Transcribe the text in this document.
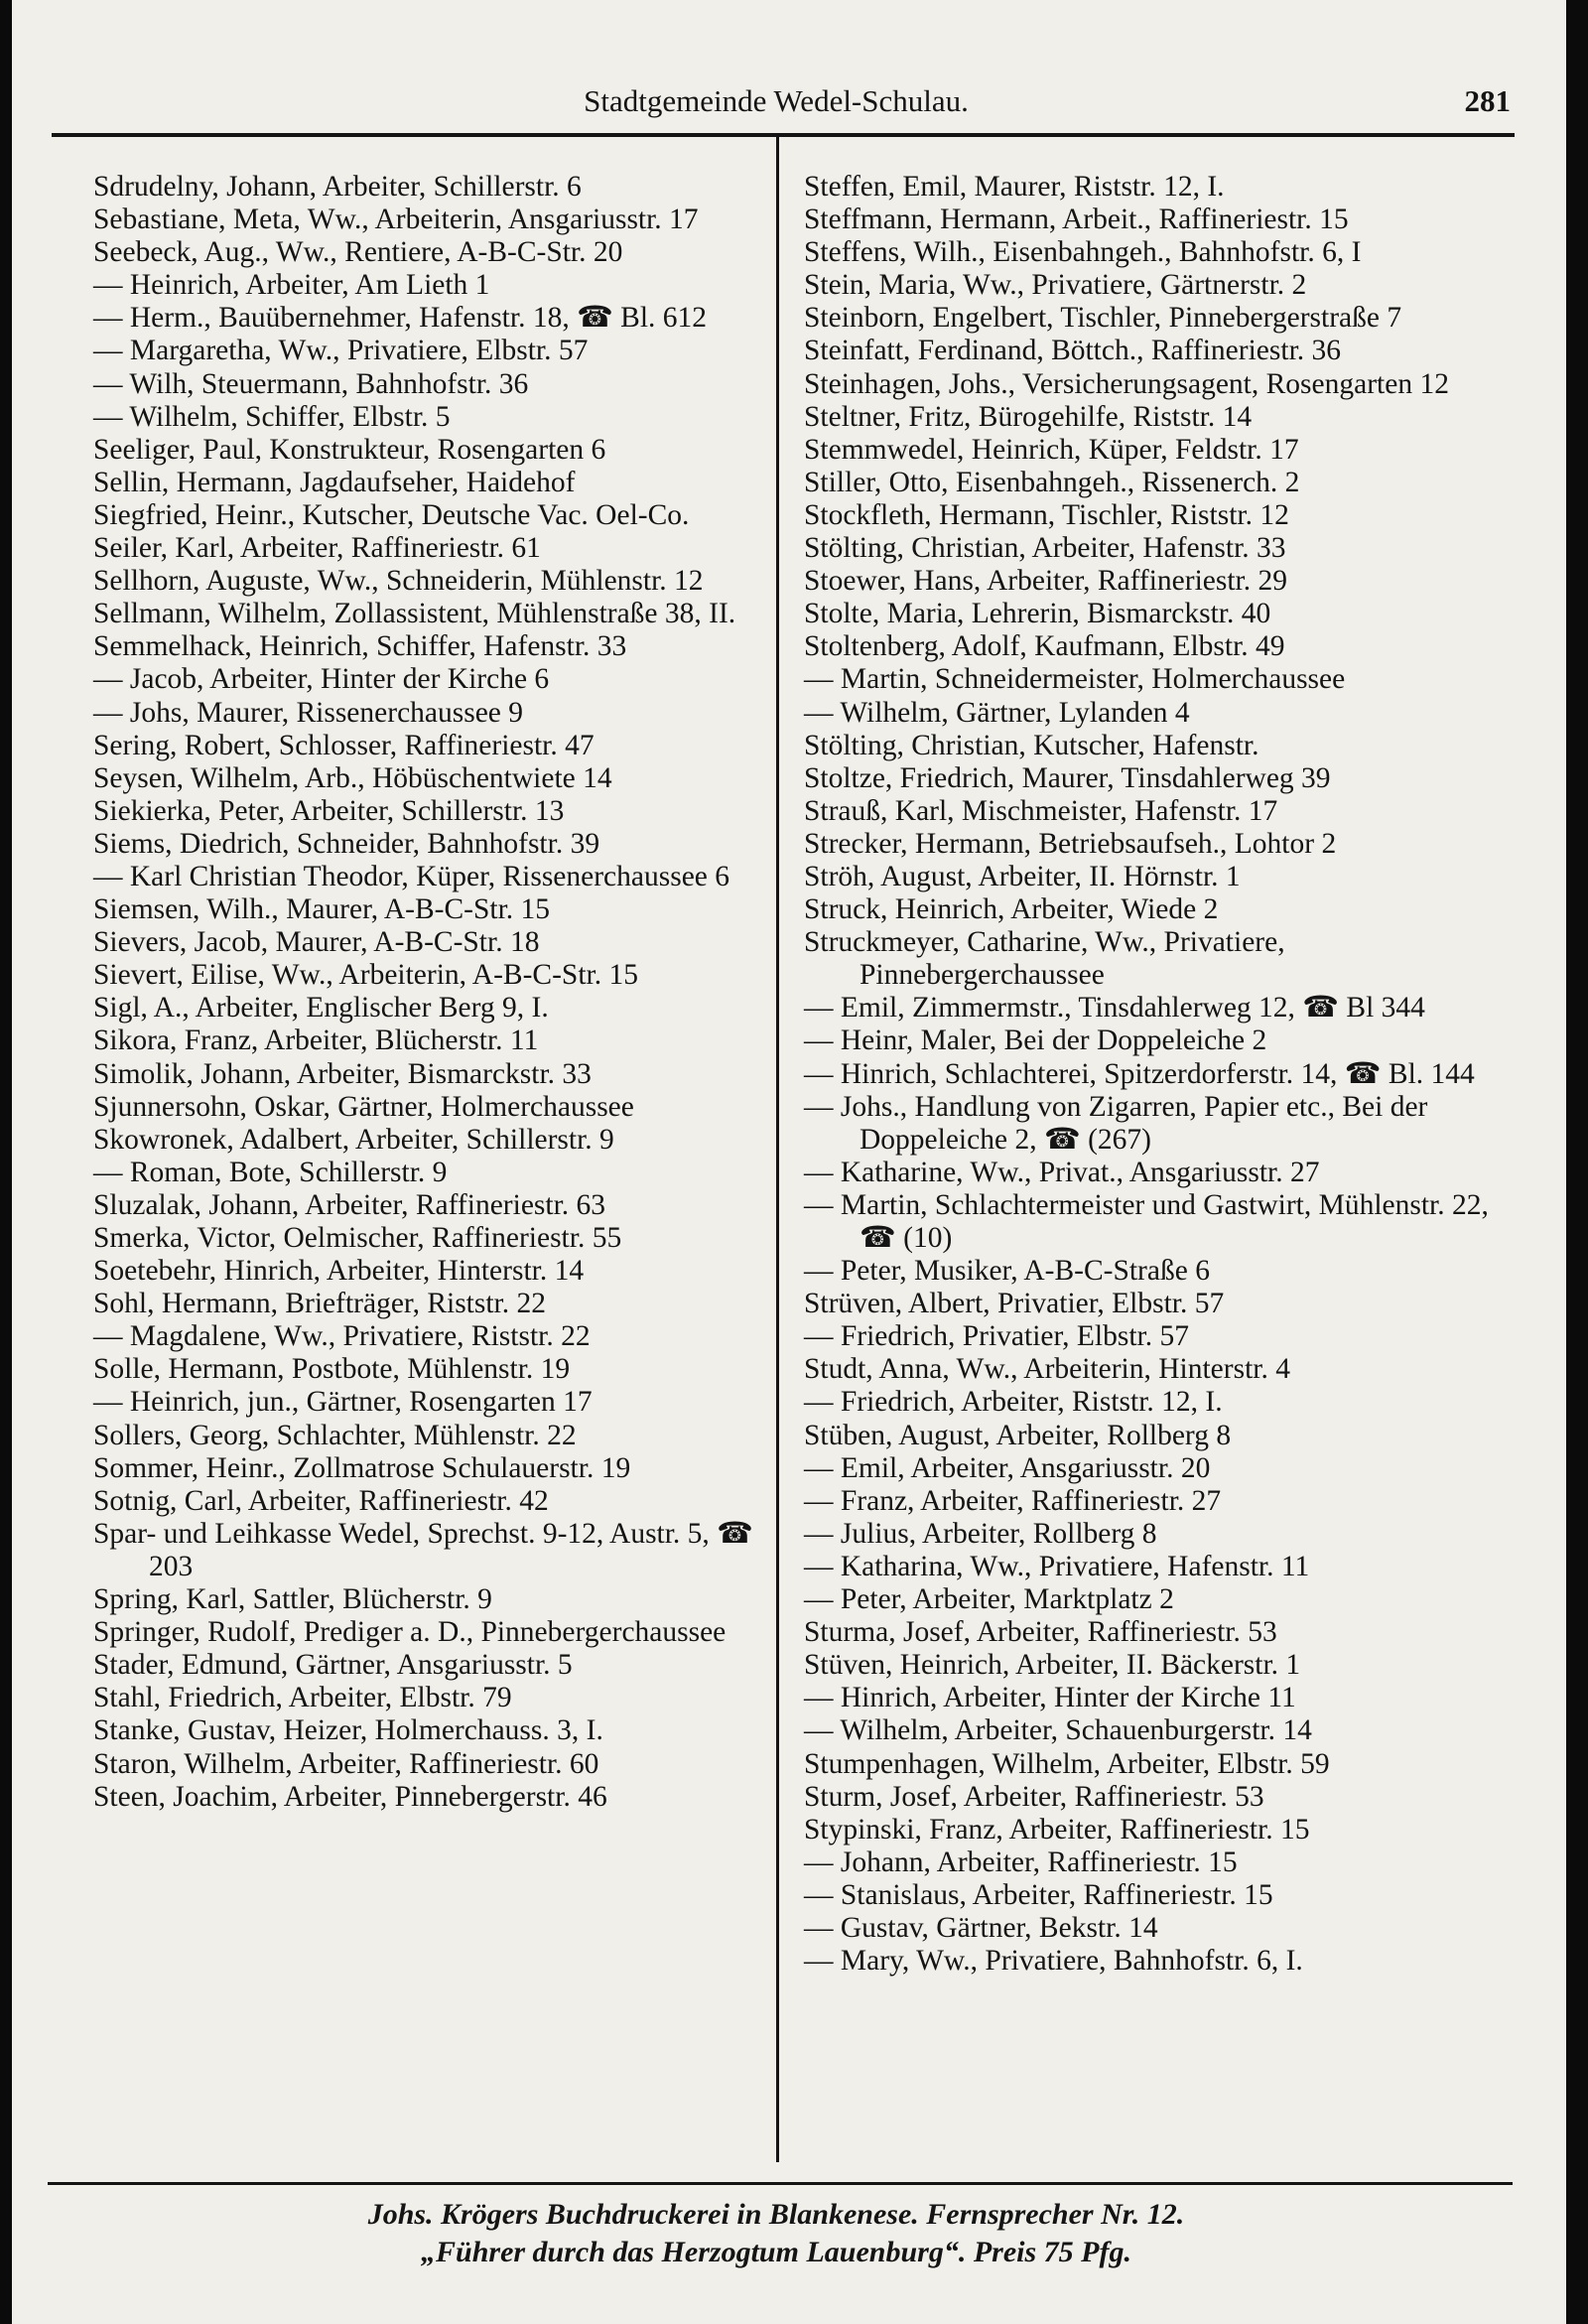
Stadtgemeinde Wedel-Schulau.	281
Sdrudelny, Johann, Arbeiter, Schillerstr. 6
Sebastiane, Meta, Ww., Arbeiterin, Ansgariusstr. 17
Seebeck, Aug., Ww., Rentiere, A-B-C-Str. 20
— Heinrich, Arbeiter, Am Lieth 1
— Herm., Bauübernehmer, Hafenstr. 18, ☎ Bl. 612
— Margaretha, Ww., Privatiere, Elbstr. 57
— Wilh, Steuermann, Bahnhofstr. 36
— Wilhelm, Schiffer, Elbstr. 5
Seeliger, Paul, Konstrukteur, Rosengarten 6
Sellin, Hermann, Jagdaufseher, Haidehof
Siegfried, Heinr., Kutscher, Deutsche Vac. Oel-Co.
Seiler, Karl, Arbeiter, Raffineriestr. 61
Sellhorn, Auguste, Ww., Schneiderin, Mühlenstr. 12
Sellmann, Wilhelm, Zollassistent, Mühlenstraße 38, II.
Semmelhack, Heinrich, Schiffer, Hafenstr. 33
— Jacob, Arbeiter, Hinter der Kirche 6
— Johs, Maurer, Rissenerchaussee 9
Sering, Robert, Schlosser, Raffineriestr. 47
Seysen, Wilhelm, Arb., Höbüschentwiete 14
Siekierka, Peter, Arbeiter, Schillerstr. 13
Siems, Diedrich, Schneider, Bahnhofstr. 39
— Karl Christian Theodor, Küper, Rissenerchaussee 6
Siemsen, Wilh., Maurer, A-B-C-Str. 15
Sievers, Jacob, Maurer, A-B-C-Str. 18
Sievert, Eilise, Ww., Arbeiterin, A-B-C-Str. 15
Sigl, A., Arbeiter, Englischer Berg 9, I.
Sikora, Franz, Arbeiter, Blücherstr. 11
Simolik, Johann, Arbeiter, Bismarckstr. 33
Sjunnersohn, Oskar, Gärtner, Holmerchaussee
Skowronek, Adalbert, Arbeiter, Schillerstr. 9
— Roman, Bote, Schillerstr. 9
Sluzalak, Johann, Arbeiter, Raffineriestr. 63
Smerka, Victor, Oelmischer, Raffineriestr. 55
Soetebehr, Hinrich, Arbeiter, Hinterstr. 14
Sohl, Hermann, Briefträger, Riststr. 22
— Magdalene, Ww., Privatiere, Riststr. 22
Solle, Hermann, Postbote, Mühlenstr. 19
— Heinrich, jun., Gärtner, Rosengarten 17
Sollers, Georg, Schlachter, Mühlenstr. 22
Sommer, Heinr., Zollmatrose Schulauerstr. 19
Sotnig, Carl, Arbeiter, Raffineriestr. 42
Spar- und Leihkasse Wedel, Sprechst. 9-12, Austr. 5, ☎ 203
Spring, Karl, Sattler, Blücherstr. 9
Springer, Rudolf, Prediger a. D., Pinnebergerchaussee
Stader, Edmund, Gärtner, Ansgariusstr. 5
Stahl, Friedrich, Arbeiter, Elbstr. 79
Stanke, Gustav, Heizer, Holmerchauss. 3, I.
Staron, Wilhelm, Arbeiter, Raffineriestr. 60
Steen, Joachim, Arbeiter, Pinnebergerstr. 46
Steffen, Emil, Maurer, Riststr. 12, I.
Steffmann, Hermann, Arbeit., Raffineriestr. 15
Steffens, Wilh., Eisenbahngeh., Bahnhofstr. 6, I
Stein, Maria, Ww., Privatiere, Gärtnerstr. 2
Steinborn, Engelbert, Tischler, Pinnebergerstraße 7
Steinfatt, Ferdinand, Böttch., Raffineriestr. 36
Steinhagen, Johs., Versicherungsagent, Rosengarten 12
Steltner, Fritz, Bürogehilfe, Riststr. 14
Stemmwedel, Heinrich, Küper, Feldstr. 17
Stiller, Otto, Eisenbahngeh., Rissenerch. 2
Stockfleth, Hermann, Tischler, Riststr. 12
Stölting, Christian, Arbeiter, Hafenstr. 33
Stoewer, Hans, Arbeiter, Raffineriestr. 29
Stolte, Maria, Lehrerin, Bismarckstr. 40
Stoltenberg, Adolf, Kaufmann, Elbstr. 49
— Martin, Schneidermeister, Holmerchaussee
— Wilhelm, Gärtner, Lylanden 4
Stölting, Christian, Kutscher, Hafenstr.
Stoltze, Friedrich, Maurer, Tinsdahlerweg 39
Strauß, Karl, Mischmeister, Hafenstr. 17
Strecker, Hermann, Betriebsaufseh., Lohtor 2
Ströh, August, Arbeiter, II. Hörnstr. 1
Struck, Heinrich, Arbeiter, Wiede 2
Struckmeyer, Catharine, Ww., Privatiere, Pinnebergerchaussee
— Emil, Zimmermstr., Tinsdahlerweg 12, ☎ Bl 344
— Heinr, Maler, Bei der Doppeleiche 2
— Hinrich, Schlachterei, Spitzerdorferstr. 14, ☎ Bl. 144
— Johs., Handlung von Zigarren, Papier etc., Bei der Doppeleiche 2, ☎ (267)
— Katharine, Ww., Privat., Ansgariusstr. 27
— Martin, Schlachtermeister und Gastwirt, Mühlenstr. 22, ☎ (10)
— Peter, Musiker, A-B-C-Straße 6
Strüven, Albert, Privatier, Elbstr. 57
— Friedrich, Privatier, Elbstr. 57
Studt, Anna, Ww., Arbeiterin, Hinterstr. 4
— Friedrich, Arbeiter, Riststr. 12, I.
Stüben, August, Arbeiter, Rollberg 8
— Emil, Arbeiter, Ansgariusstr. 20
— Franz, Arbeiter, Raffineriestr. 27
— Julius, Arbeiter, Rollberg 8
— Katharina, Ww., Privatiere, Hafenstr. 11
— Peter, Arbeiter, Marktplatz 2
Sturma, Josef, Arbeiter, Raffineriestr. 53
Stüven, Heinrich, Arbeiter, II. Bäckerstr. 1
— Hinrich, Arbeiter, Hinter der Kirche 11
— Wilhelm, Arbeiter, Schauenburgerstr. 14
Stumpenhagen, Wilhelm, Arbeiter, Elbstr. 59
Sturm, Josef, Arbeiter, Raffineriestr. 53
Stypinski, Franz, Arbeiter, Raffineriestr. 15
— Johann, Arbeiter, Raffineriestr. 15
— Stanislaus, Arbeiter, Raffineriestr. 15
— Gustav, Gärtner, Bekstr. 14
— Mary, Ww., Privatiere, Bahnhofstr. 6, I.
Johs. Krögers Buchdruckerei in Blankenese. Fernsprecher Nr. 12.
„Führer durch das Herzogtum Lauenburg“. Preis 75 Pfg.
